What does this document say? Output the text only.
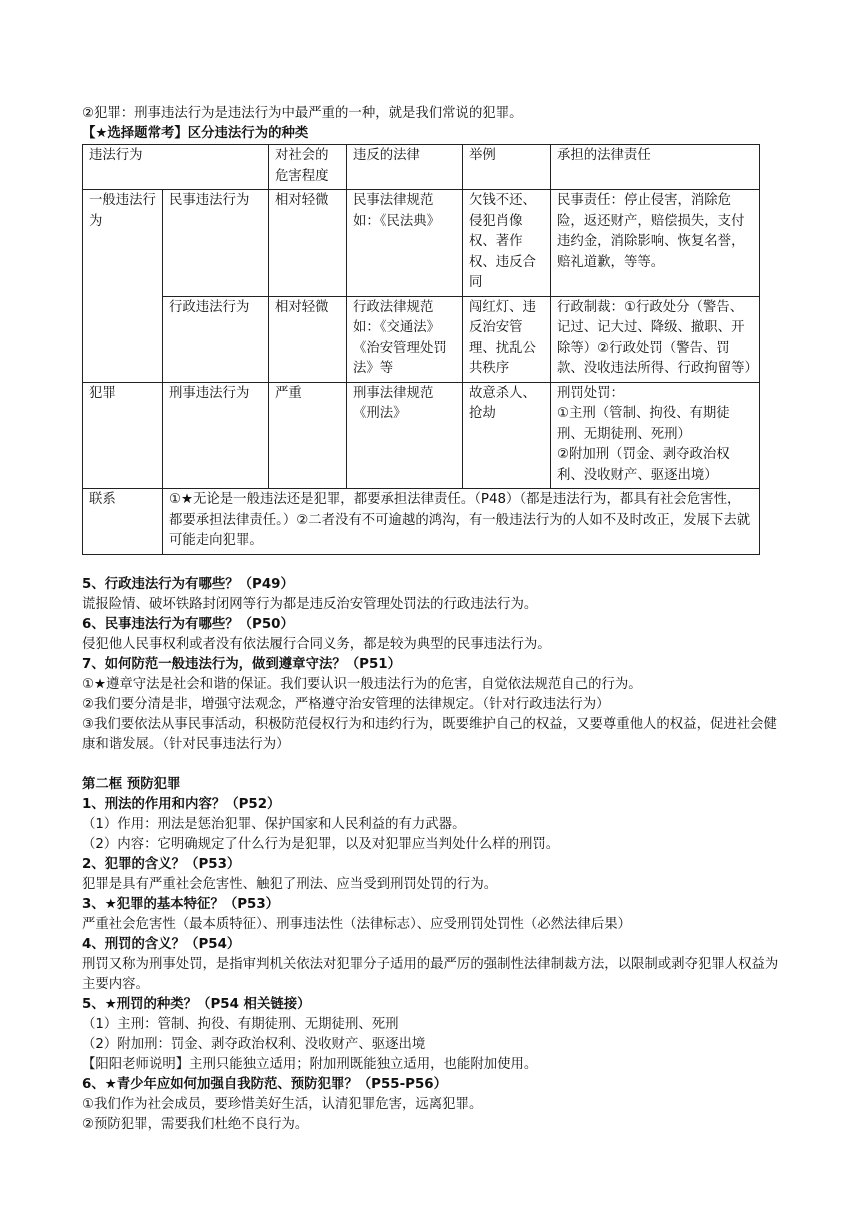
②犯罪：刑事违法行为是违法行为中最严重的一种，就是我们常说的犯罪。

【★选择题常考】区分违法行为的种类

违法行为		对社会的危害程度	违反的法律	举例	承担的法律责任
一般违法行为	民事违法行为	相对轻微	民事法律规范如：《民法典》	欠钱不还、侵犯肖像权、著作权、违反合同	民事责任：停止侵害，消除危险，返还财产，赔偿损失，支付违约金，消除影响、恢复名誉，赔礼道歉，等等。
	行政违法行为	相对轻微	行政法律规范如：《交通法》《治安管理处罚法》等	闯红灯、违反治安管理、扰乱公共秩序	行政制裁：①行政处分（警告、记过、记大过、降级、撤职、开除等）②行政处罚（警告、罚款、没收违法所得、行政拘留等）
犯罪	刑事违法行为	严重	刑事法律规范《刑法》	故意杀人、抢劫	刑罚处罚：
①主刑（管制、拘役、有期徒刑、无期徒刑、死刑）
②附加刑（罚金、剥夺政治权利、没收财产、驱逐出境）

联系	①★无论是一般违法还是犯罪，都要承担法律责任。（P48）（都是违法行为，都具有社会危害性，都要承担法律责任。）②二者没有不可逾越的鸿沟，有一般违法行为的人如不及时改正，发展下去就可能走向犯罪。				

5、行政违法行为有哪些？（P49）

谎报险情、破坏铁路封闭网等行为都是违反治安管理处罚法的行政违法行为。

6、民事违法行为有哪些？（P50）

侵犯他人民事权利或者没有依法履行合同义务，都是较为典型的民事违法行为。

7、如何防范一般违法行为，做到遵章守法？（P51）

①★遵章守法是社会和谐的保证。我们要认识一般违法行为的危害，自觉依法规范自己的行为。

②我们要分清是非，增强守法观念，严格遵守治安管理的法律规定。（针对行政违法行为）

③我们要依法从事民事活动，积极防范侵权行为和违约行为，既要维护自己的权益，又要尊重他人的权益，促进社会健康和谐发展。（针对民事违法行为）

第二框 预防犯罪

1、刑法的作用和内容？（P52）

（1）作用：刑法是惩治犯罪、保护国家和人民利益的有力武器。

（2）内容：它明确规定了什么行为是犯罪，以及对犯罪应当判处什么样的刑罚。

2、犯罪的含义？（P53）

犯罪是具有严重社会危害性、触犯了刑法、应当受到刑罚处罚的行为。

3、★犯罪的基本特征？（P53）

严重社会危害性（最本质特征）、刑事违法性（法律标志）、应受刑罚处罚性（必然法律后果）

4、刑罚的含义？（P54）

刑罚又称为刑事处罚，是指审判机关依法对犯罪分子适用的最严厉的强制性法律制裁方法，以限制或剥夺犯罪人权益为主要内容。

5、★刑罚的种类？（P54 相关链接）

（1）主刑：管制、拘役、有期徒刑、无期徒刑、死刑

（2）附加刑：罚金、剥夺政治权利、没收财产、驱逐出境

【阳阳老师说明】主刑只能独立适用；附加刑既能独立适用，也能附加使用。

6、★青少年应如何加强自我防范、预防犯罪？（P55-P56）

①我们作为社会成员，要珍惜美好生活，认清犯罪危害，远离犯罪。

②预防犯罪，需要我们杜绝不良行为。
